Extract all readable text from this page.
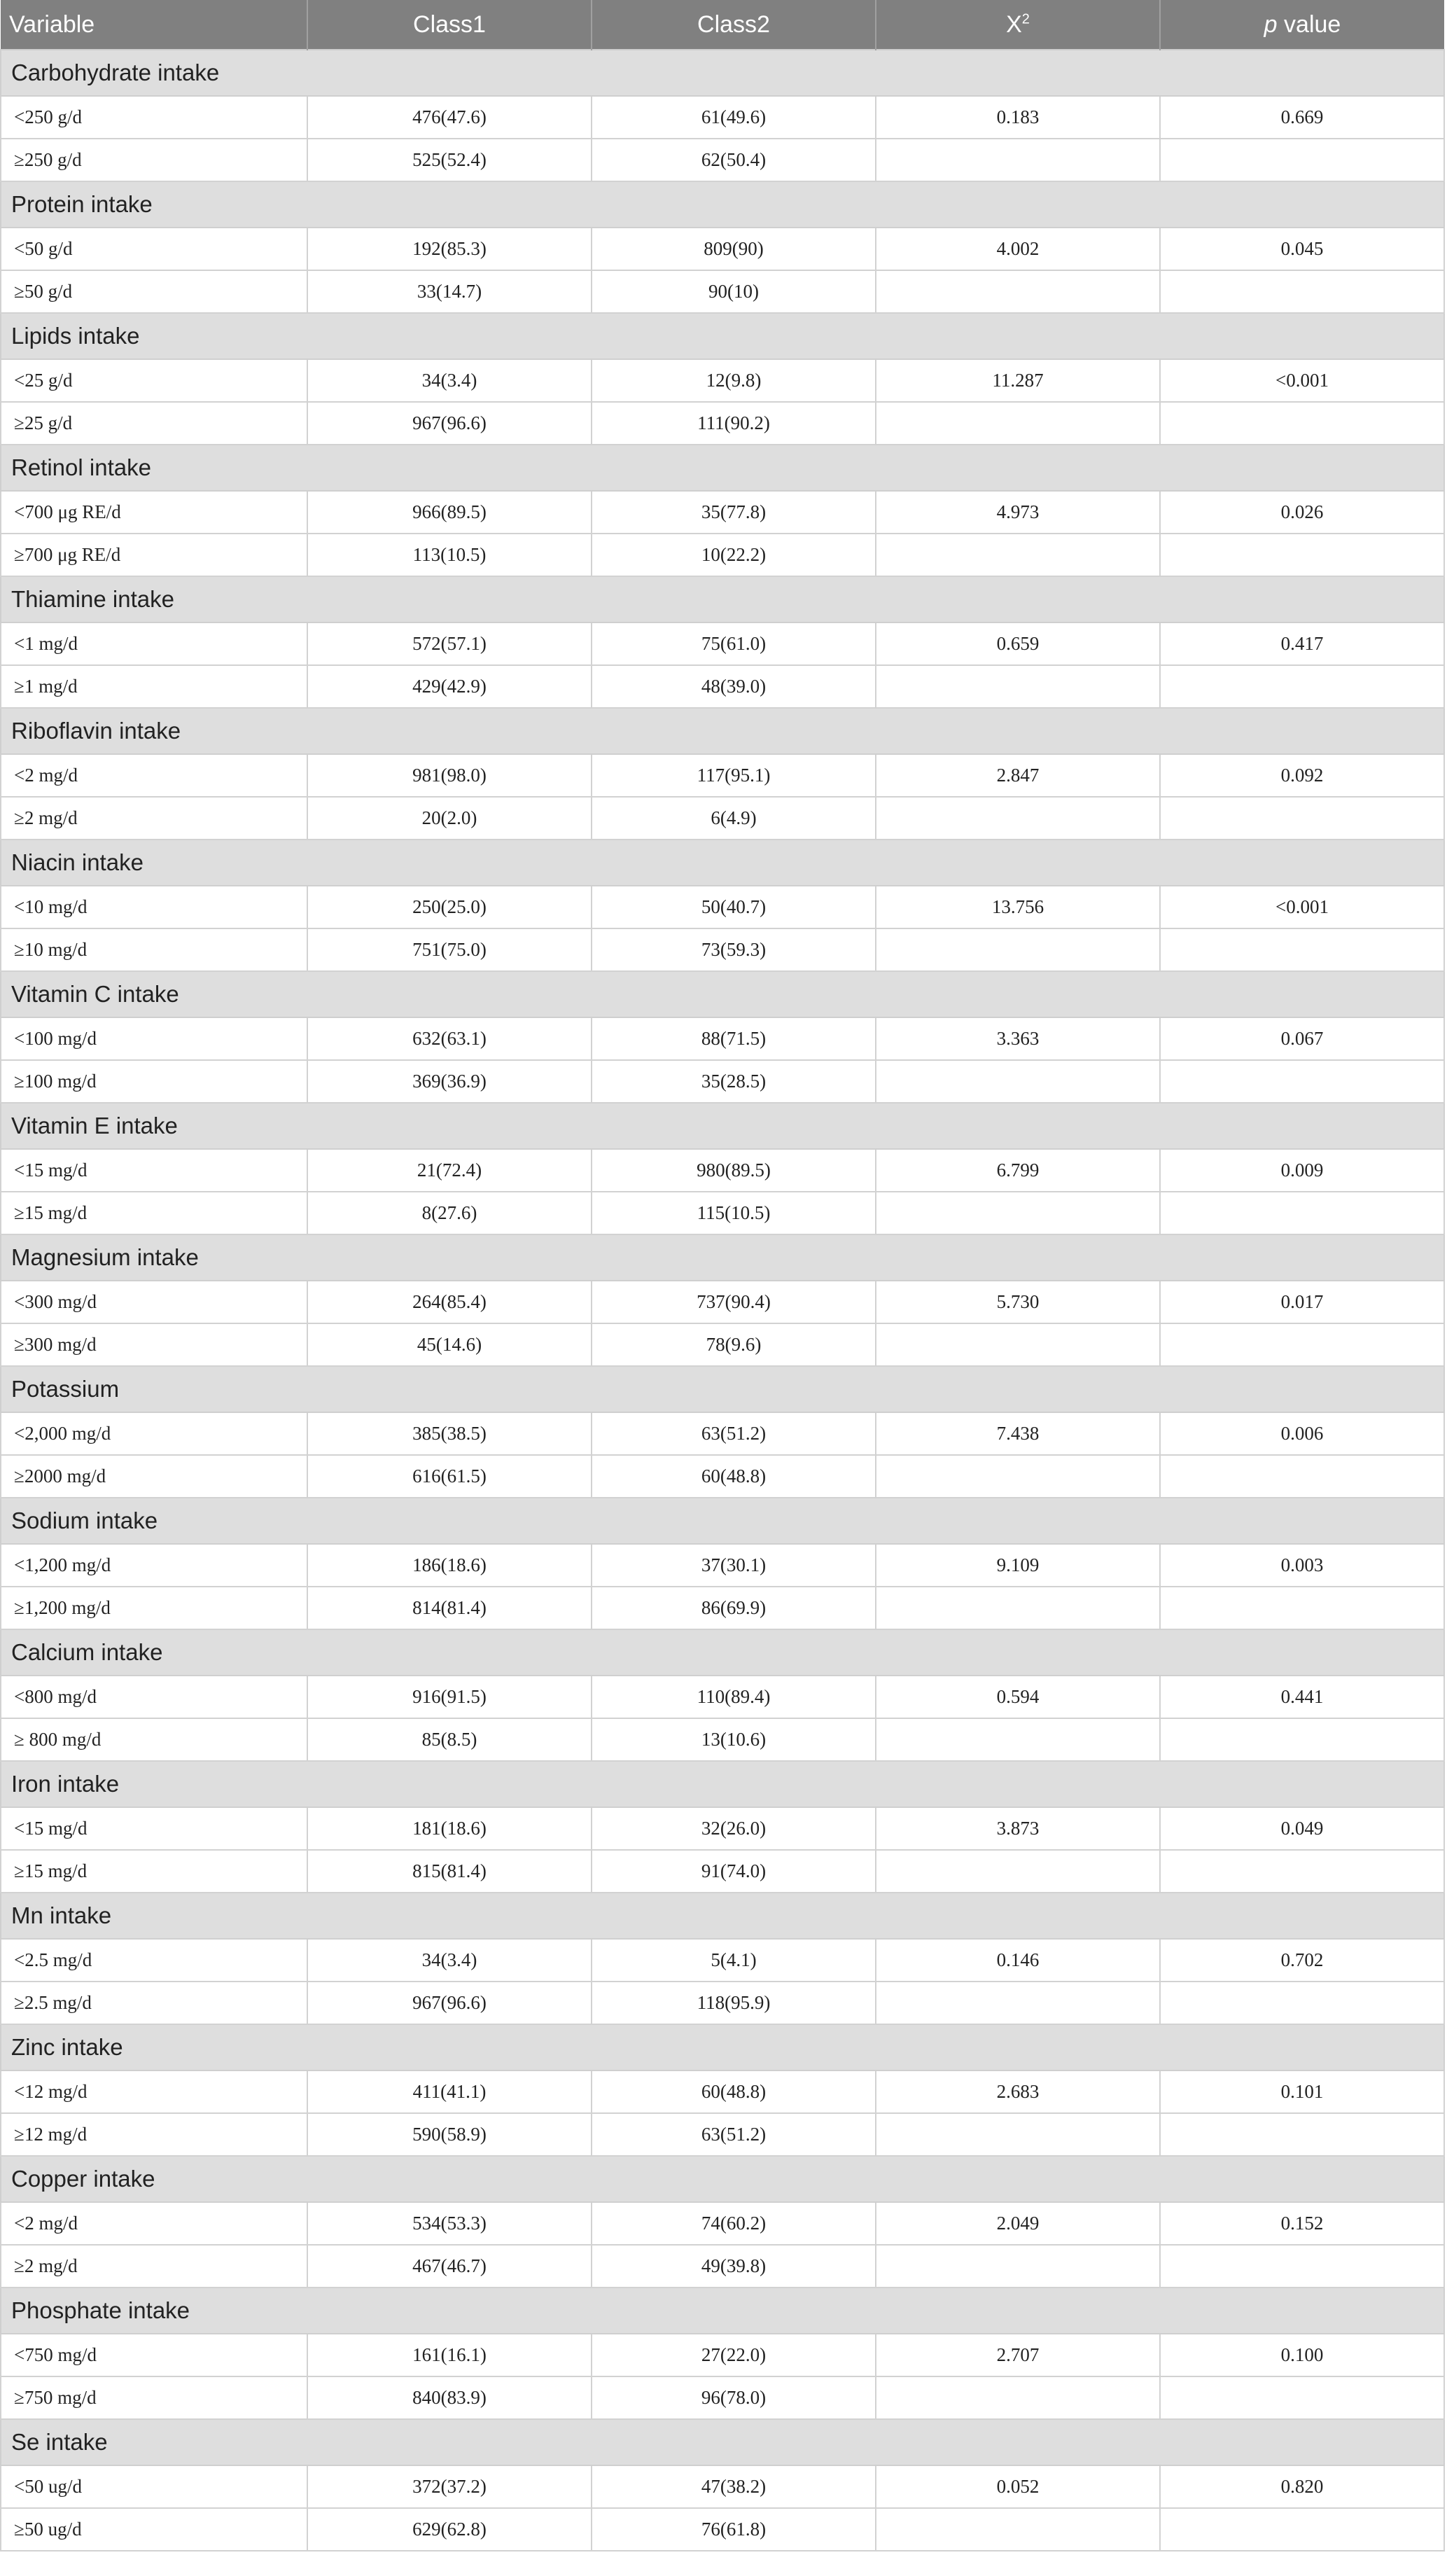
Variable	Class1	Class2	$X^2$	p value
Carbohydrate intake				
<250 g/d	476(47.6)	61(49.6)	0.183	0.669
≥250 g/d	525(52.4)	62(50.4)		
Protein intake				
<50 g/d	192(85.3)	809(90)	4.002	0.045
≥50 g/d	33(14.7)	90(10)		
Lipids intake				
<25 g/d	34(3.4)	12(9.8)	11.287	<0.001
≥25 g/d	967(96.6)	111(90.2)		
Retinol intake				
<700 μg RE/d	966(89.5)	35(77.8)	4.973	0.026
≥700 μg RE/d	113(10.5)	10(22.2)		
Thiamine intake				
<1 mg/d	572(57.1)	75(61.0)	0.659	0.417
≥1 mg/d	429(42.9)	48(39.0)		
Riboflavin intake				
<2 mg/d	981(98.0)	117(95.1)	2.847	0.092
≥2 mg/d	20(2.0)	6(4.9)		
Niacin intake				
<10 mg/d	250(25.0)	50(40.7)	13.756	<0.001
≥10 mg/d	751(75.0)	73(59.3)		
Vitamin C intake				
<100 mg/d	632(63.1)	88(71.5)	3.363	0.067
≥100 mg/d	369(36.9)	35(28.5)		
Vitamin E intake				
<15 mg/d	21(72.4)	980(89.5)	6.799	0.009
≥15 mg/d	8(27.6)	115(10.5)		
Magnesium intake				
<300 mg/d	264(85.4)	737(90.4)	5.730	0.017
≥300 mg/d	45(14.6)	78(9.6)		
Potassium				
<2,000 mg/d	385(38.5)	63(51.2)	7.438	0.006
≥2000 mg/d	616(61.5)	60(48.8)		
Sodium intake				
<1,200 mg/d	186(18.6)	37(30.1)	9.109	0.003
≥1,200 mg/d	814(81.4)	86(69.9)		
Calcium intake				
<800 mg/d	916(91.5)	110(89.4)	0.594	0.441
≥ 800 mg/d	85(8.5)	13(10.6)		
Iron intake				
<15 mg/d	181(18.6)	32(26.0)	3.873	0.049
≥15 mg/d	815(81.4)	91(74.0)		
Mn intake				
<2.5 mg/d	34(3.4)	5(4.1)	0.146	0.702
≥2.5 mg/d	967(96.6)	118(95.9)		
Zinc intake				
<12 mg/d	411(41.1)	60(48.8)	2.683	0.101
≥12 mg/d	590(58.9)	63(51.2)		
Copper intake				
<2 mg/d	534(53.3)	74(60.2)	2.049	0.152
≥2 mg/d	467(46.7)	49(39.8)		
Phosphate intake				
<750 mg/d	161(16.1)	27(22.0)	2.707	0.100
≥750 mg/d	840(83.9)	96(78.0)		
Se intake				
<50 ug/d	372(37.2)	47(38.2)	0.052	0.820
≥50 ug/d	629(62.8)	76(61.8)		
